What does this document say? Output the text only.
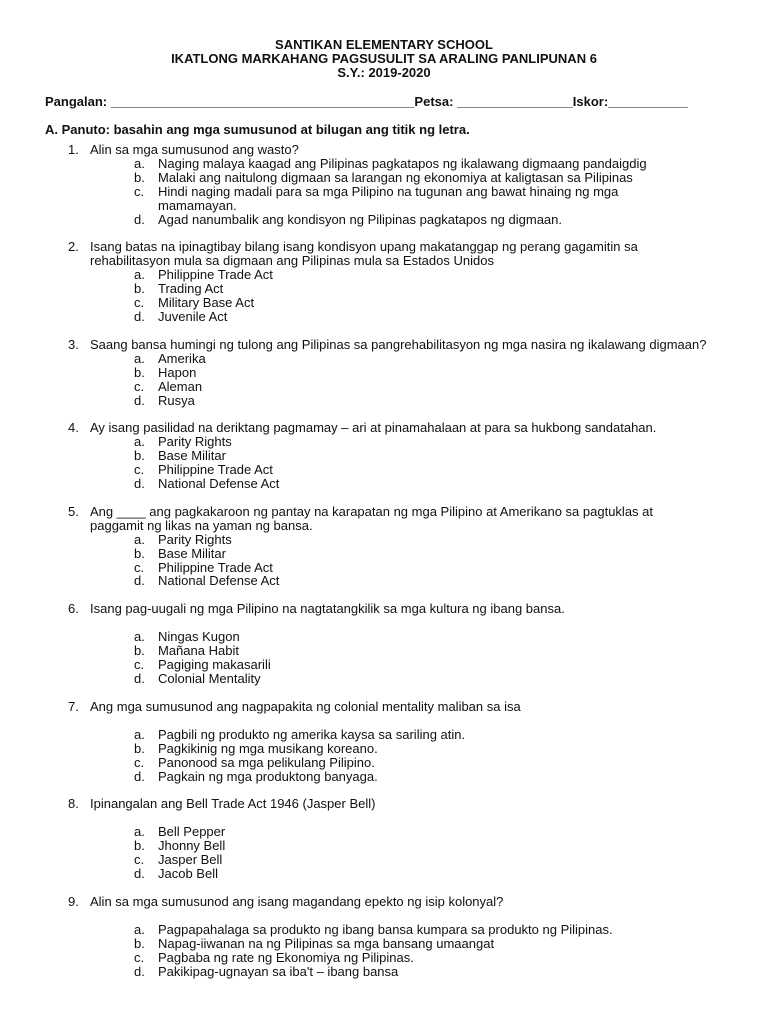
SANTIKAN ELEMENTARY SCHOOL
IKATLONG MARKAHANG PAGSUSULIT SA ARALING PANLIPUNAN 6
S.Y.: 2019-2020
Pangalan: __________________________________________Petsa: ________________Iskor:___________
A. Panuto: basahin ang mga sumusunod at bilugan ang titik ng letra.
1. Alin sa mga sumusunod ang wasto?
a. Naging malaya kaagad ang Pilipinas pagkatapos ng ikalawang digmaang pandaigdig
b. Malaki ang naitulong digmaan sa larangan ng ekonomiya at kaligtasan sa Pilipinas
c. Hindi naging madali para sa mga Pilipino na tugunan ang bawat hinaing ng mga mamamayan.
d. Agad nanumbalik ang kondisyon ng Pilipinas pagkatapos ng digmaan.
2. Isang batas na ipinagtibay bilang isang kondisyon upang makatanggap ng perang gagamitin sa rehabilitasyon mula sa digmaan ang Pilipinas mula sa Estados Unidos
a. Philippine Trade Act
b. Trading Act
c. Military Base Act
d. Juvenile Act
3. Saang bansa humingi ng tulong ang Pilipinas sa pangrehabilitasyon ng mga nasira ng ikalawang digmaan?
a. Amerika
b. Hapon
c. Aleman
d. Rusya
4. Ay isang pasilidad na deriktang pagmamay – ari at pinamahalaan at para sa hukbong sandatahan.
a. Parity Rights
b. Base Militar
c. Philippine Trade Act
d. National Defense Act
5. Ang ____ ang pagkakaroon ng pantay na karapatan ng mga Pilipino at Amerikano sa pagtuklas at paggamit ng likas na yaman ng bansa.
a. Parity Rights
b. Base Militar
c. Philippine Trade Act
d. National Defense Act
6. Isang pag-uugali ng mga Pilipino na nagtatangkilik sa mga kultura ng ibang bansa.
a. Ningas Kugon
b. Mañana Habit
c. Pagiging makasarili
d. Colonial Mentality
7. Ang mga sumusunod ang nagpapakita ng colonial mentality maliban sa isa
a. Pagbili ng produkto ng amerika kaysa sa sariling atin.
b. Pagkikinig ng mga musikang koreano.
c. Panonood sa mga pelikulang Pilipino.
d. Pagkain ng mga produktong banyaga.
8. Ipinangalan ang Bell Trade Act 1946 (Jasper Bell)
a. Bell Pepper
b. Jhonny Bell
c. Jasper Bell
d. Jacob Bell
9. Alin sa mga sumusunod ang isang magandang epekto ng isip kolonyal?
a. Pagpapahalaga sa produkto ng ibang bansa kumpara sa produkto ng Pilipinas.
b. Napag-iiwanan na ng Pilipinas sa mga bansang umaangat
c. Pagbaba ng rate ng Ekonomiya ng Pilipinas.
d. Pakikipag-ugnayan sa iba't – ibang bansa
